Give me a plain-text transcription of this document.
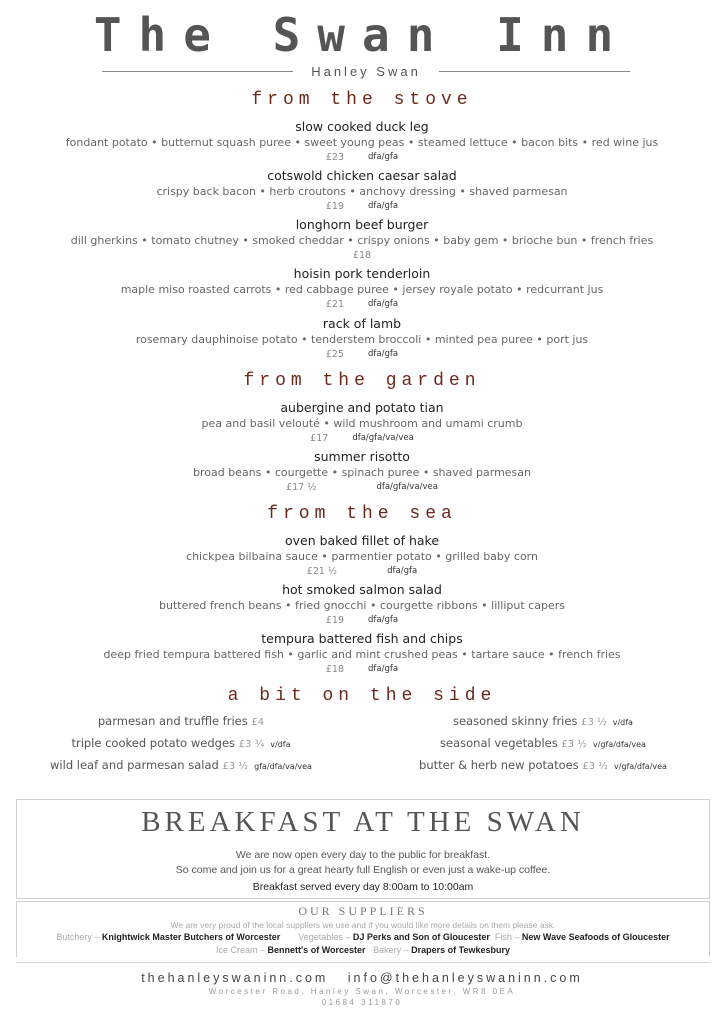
The Swan Inn
Hanley Swan
from the stove
slow cooked duck leg
fondant potato • butternut squash puree • sweet young peas • steamed lettuce • bacon bits • red wine jus
£23	dfa/gfa
cotswold chicken caesar salad
crispy back bacon • herb croutons • anchovy dressing • shaved parmesan
£19	dfa/gfa
longhorn beef burger
dill gherkins • tomato chutney • smoked cheddar • crispy onions • baby gem • brioche bun • french fries
£18
hoisin pork tenderloin
maple miso roasted carrots • red cabbage puree • jersey royale potato • redcurrant jus
£21	dfa/gfa
rack of lamb
rosemary dauphinoise potato • tenderstem broccoli • minted pea puree • port jus
£25	dfa/gfa
from the garden
aubergine and potato tian
pea and basil velouté • wild mushroom and umami crumb
£17	dfa/gfa/va/vea
summer risotto
broad beans • courgette • spinach puree • shaved parmesan
£17 ½	dfa/gfa/va/vea
from the sea
oven baked fillet of hake
chickpea bilbaina sauce • parmentier potato • grilled baby corn
£21 ½	dfa/gfa
hot smoked salmon salad
buttered french beans • fried gnocchi • courgette ribbons • lilliput capers
£19	dfa/gfa
tempura battered fish and chips
deep fried tempura battered fish • garlic and mint crushed peas • tartare sauce • french fries
£18	dfa/gfa
a bit on the side
parmesan and truffle fries £4
triple cooked potato wedges £3 ¾ v/dfa
wild leaf and parmesan salad £3 ½ gfa/dfa/va/vea
seasoned skinny fries £3 ½ v/dfa
seasonal vegetables £3 ½ v/gfa/dfa/vea
butter & herb new potatoes £3 ½ v/gfa/dfa/vea
BREAKFAST AT THE SWAN
We are now open every day to the public for breakfast.
So come and join us for a great hearty full English or even just a wake-up coffee.
Breakfast served every day 8:00am to 10:00am
OUR SUPPLIERS
We are very proud of the local suppliers we use and if you would like more details on them please ask.
Butchery – Knightwick Master Butchers of Worcester Vegetables – DJ Perks and Son of Gloucester Fish – New Wave Seafoods of Gloucester
Ice Cream – Bennett's of Worcester Bakery – Drapers of Tewkesbury
thehanleyswaninn.com info@thehanleyswaninn.com
Worcester Road, Hanley Swan, Worcester, WR8 0EA
01684 311870
